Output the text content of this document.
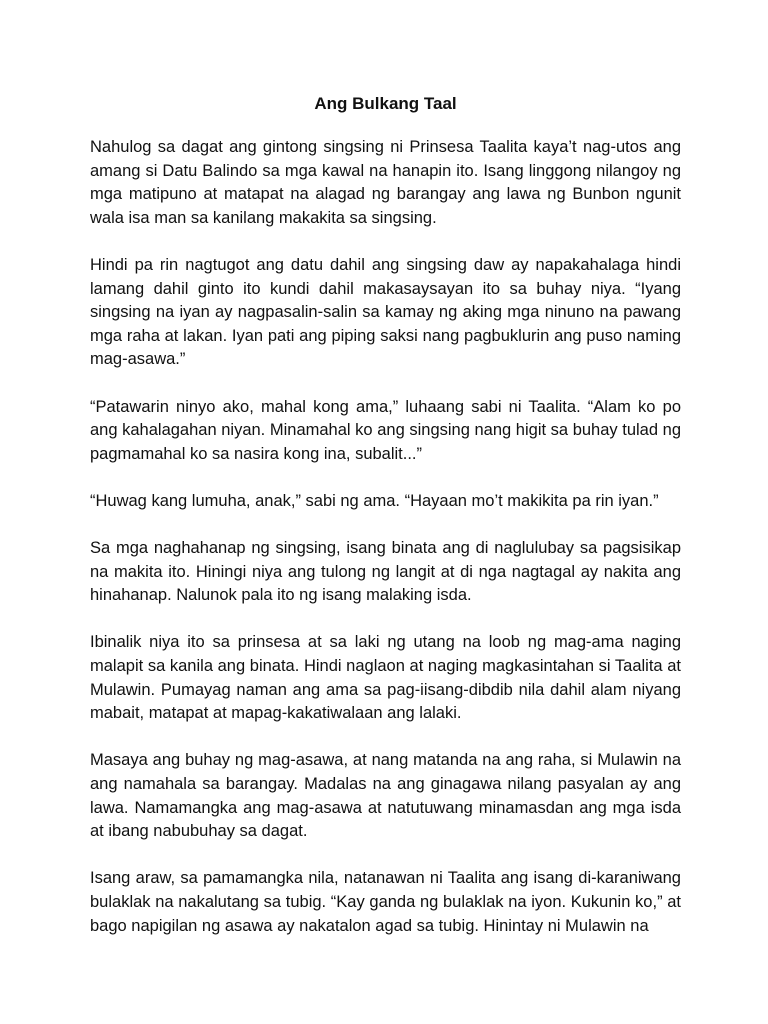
Ang Bulkang Taal

Nahulog sa dagat ang gintong singsing ni Prinsesa Taalita kaya’t nag-utos ang amang si Datu Balindo sa mga kawal na hanapin ito. Isang linggong nilangoy ng mga matipuno at matapat na alagad ng barangay ang lawa ng Bunbon ngunit wala isa man sa kanilang makakita sa singsing.

Hindi pa rin nagtugot ang datu dahil ang singsing daw ay napakahalaga hindi lamang dahil ginto ito kundi dahil makasaysayan ito sa buhay niya. “Iyang singsing na iyan ay nagpasalin-salin sa kamay ng aking mga ninuno na pawang mga raha at lakan. Iyan pati ang piping saksi nang pagbuklurin ang puso naming mag-asawa.”

“Patawarin ninyo ako, mahal kong ama,” luhaang sabi ni Taalita. “Alam ko po ang kahalagahan niyan. Minamahal ko ang singsing nang higit sa buhay tulad ng pagmamahal ko sa nasira kong ina, subalit...”

“Huwag kang lumuha, anak,” sabi ng ama. “Hayaan mo’t makikita pa rin iyan.”

Sa mga naghahanap ng singsing, isang binata ang di naglulubay sa pagsisikap na makita ito. Hiningi niya ang tulong ng langit at di nga nagtagal ay nakita ang hinahanap. Nalunok pala ito ng isang malaking isda.

Ibinalik niya ito sa prinsesa at sa laki ng utang na loob ng mag-ama naging malapit sa kanila ang binata. Hindi naglaon at naging magkasintahan si Taalita at Mulawin. Pumayag naman ang ama sa pag-iisang-dibdib nila dahil alam niyang mabait, matapat at mapag-kakatiwalaan ang lalaki.

Masaya ang buhay ng mag-asawa, at nang matanda na ang raha, si Mulawin na ang namahala sa barangay. Madalas na ang ginagawa nilang pasyalan ay ang lawa. Namamangka ang mag-asawa at natutuwang minamasdan ang mga isda at ibang nabubuhay sa dagat.

Isang araw, sa pamamangka nila, natanawan ni Taalita ang isang di-karaniwang bulaklak na nakalutang sa tubig. “Kay ganda ng bulaklak na iyon. Kukunin ko,” at bago napigilan ng asawa ay nakatalon agad sa tubig. Hinintay ni Mulawin na
